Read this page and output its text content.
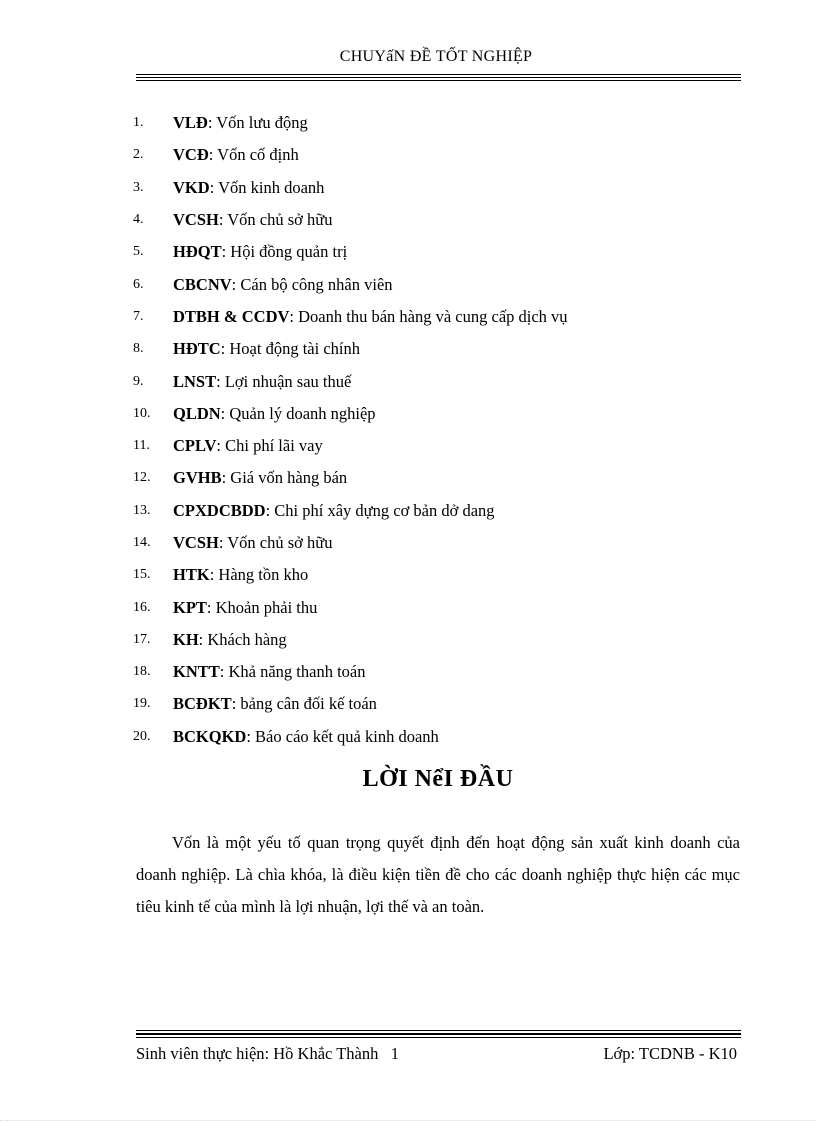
CHUYấN ĐỀ TỐT NGHIỆP
1.	VLĐ : Vốn lưu động
2.	VCĐ : Vốn cố định
3.	VKD : Vốn kinh doanh
4.	VCSH : Vốn chủ sở hữu
5.	HĐQT : Hội đồng quản trị
6.	CBCNV : Cán bộ công nhân viên
7.	DTBH & CCDV : Doanh thu bán hàng và cung cấp dịch vụ
8.	HĐTC : Hoạt động tài chính
9.	LNST : Lợi nhuận sau thuế
10.	QLDN : Quản lý doanh nghiệp
11.	CPLV : Chi phí lãi vay
12.	GVHB : Giá vốn hàng bán
13.	CPXDCBDD : Chi phí xây dựng cơ bản dở dang
14.	VCSH : Vốn chủ sở hữu
15.	HTK : Hàng tồn kho
16.	KPT : Khoản phải thu
17.	KH : Khách hàng
18.	KNTT : Khả năng thanh toán
19.	BCĐKT : bảng cân đối kế toán
20.	BCKQKD : Báo cáo kết quả kinh doanh
LỜI NểI ĐẦU
Vốn là một yếu tố quan trọng quyết định đến hoạt động sản xuất kinh doanh của doanh nghiệp. Là chìa khóa, là điều kiện tiền đề cho các doanh nghiệp thực hiện các mục tiêu kinh tế của mình là lợi nhuận, lợi thế và an toàn.
Sinh viên thực hiện: Hồ Khắc Thành 1	Lớp: TCDNB - K10
